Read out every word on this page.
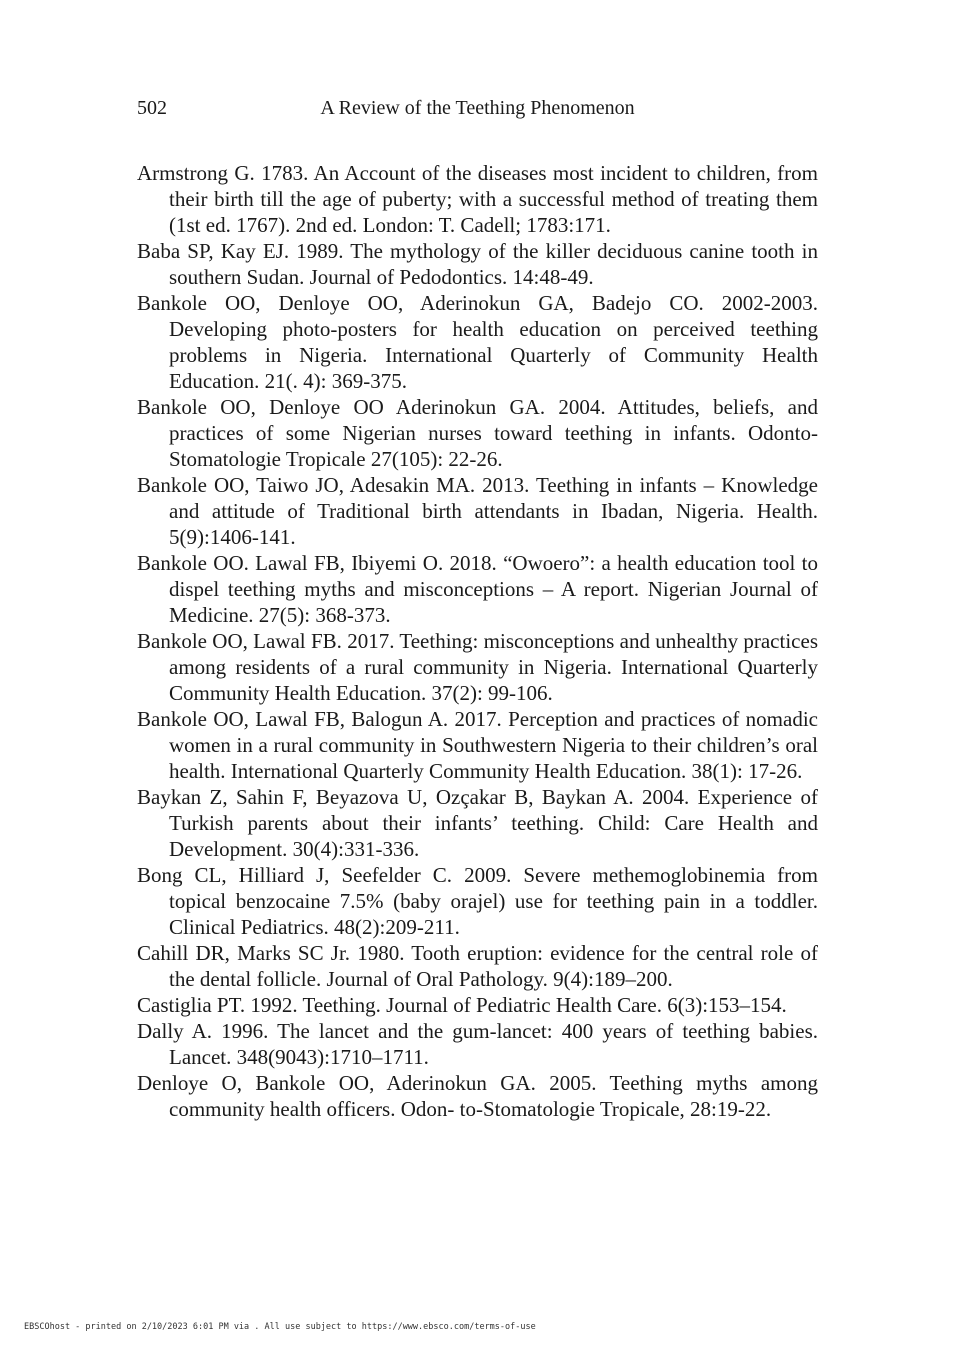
502	A Review of the Teething Phenomenon
Armstrong G. 1783. An Account of the diseases most incident to children, from their birth till the age of puberty; with a successful method of treating them (1st ed. 1767). 2nd ed. London: T. Cadell; 1783:171.
Baba SP, Kay EJ. 1989. The mythology of the killer deciduous canine tooth in southern Sudan. Journal of Pedodontics. 14:48-49.
Bankole OO, Denloye OO, Aderinokun GA, Badejo CO. 2002-2003. Developing photo-posters for health education on perceived teething problems in Nigeria. International Quarterly of Community Health Education. 21(. 4): 369-375.
Bankole OO, Denloye OO Aderinokun GA. 2004. Attitudes, beliefs, and practices of some Nigerian nurses toward teething in infants. Odonto-Stomatologie Tropicale 27(105): 22-26.
Bankole OO, Taiwo JO, Adesakin MA. 2013. Teething in infants – Knowledge and attitude of Traditional birth attendants in Ibadan, Nigeria. Health. 5(9):1406-141.
Bankole OO. Lawal FB, Ibiyemi O. 2018. “Owoero”: a health education tool to dispel teething myths and misconceptions – A report. Nigerian Journal of Medicine. 27(5): 368-373.
Bankole OO, Lawal FB. 2017. Teething: misconceptions and unhealthy practices among residents of a rural community in Nigeria. International Quarterly Community Health Education. 37(2): 99-106.
Bankole OO, Lawal FB, Balogun A. 2017. Perception and practices of nomadic women in a rural community in Southwestern Nigeria to their children’s oral health. International Quarterly Community Health Education. 38(1): 17-26.
Baykan Z, Sahin F, Beyazova U, Ozçakar B, Baykan A. 2004. Experience of Turkish parents about their infants’ teething. Child: Care Health and Development. 30(4):331-336.
Bong CL, Hilliard J, Seefelder C. 2009. Severe methemoglobinemia from topical benzocaine 7.5% (baby orajel) use for teething pain in a toddler. Clinical Pediatrics. 48(2):209-211.
Cahill DR, Marks SC Jr. 1980. Tooth eruption: evidence for the central role of the dental follicle. Journal of Oral Pathology. 9(4):189–200.
Castiglia PT. 1992. Teething. Journal of Pediatric Health Care. 6(3):153–154.
Dally A. 1996. The lancet and the gum-lancet: 400 years of teething babies. Lancet. 348(9043):1710–1711.
Denloye O, Bankole OO, Aderinokun GA. 2005. Teething myths among community health officers. Odon- to-Stomatologie Tropicale, 28:19-22.
EBSCOhost - printed on 2/10/2023 6:01 PM via . All use subject to https://www.ebsco.com/terms-of-use
